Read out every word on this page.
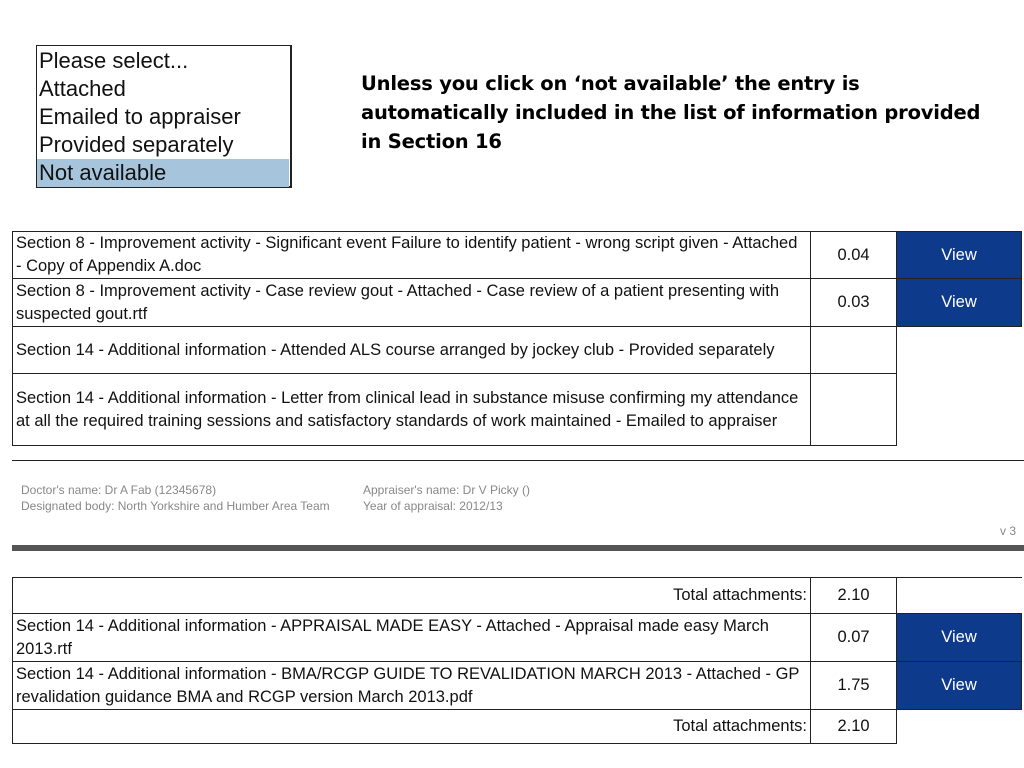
Please select...
Attached
Emailed to appraiser
Provided separately
Not available
Unless you click on ‘not available’ the entry is automatically included in the list of information provided in Section 16
Section 8 - Improvement activity - Significant event Failure to identify patient - wrong script given - Attached - Copy of Appendix A.doc	0.04	View
Section 8 - Improvement activity - Case review gout - Attached - Case review of a patient presenting with suspected gout.rtf	0.03	View
Section 14 - Additional information - Attended ALS course arranged by jockey club - Provided separately		
Section 14 - Additional information - Letter from clinical lead in substance misuse confirming my attendance at all the required training sessions and satisfactory standards of work maintained - Emailed to appraiser		
Doctor's name: Dr A Fab (12345678)
Designated body: North Yorkshire and Humber Area Team
Appraiser's name: Dr V Picky ()
Year of appraisal: 2012/13
v 3
Total attachments:	2.10	
Section 14 - Additional information - APPRAISAL MADE EASY - Attached - Appraisal made easy March 2013.rtf	0.07	View
Section 14 - Additional information - BMA/RCGP GUIDE TO REVALIDATION MARCH 2013 - Attached - GP revalidation guidance BMA and RCGP version March 2013.pdf	1.75	View
Total attachments:	2.10	
